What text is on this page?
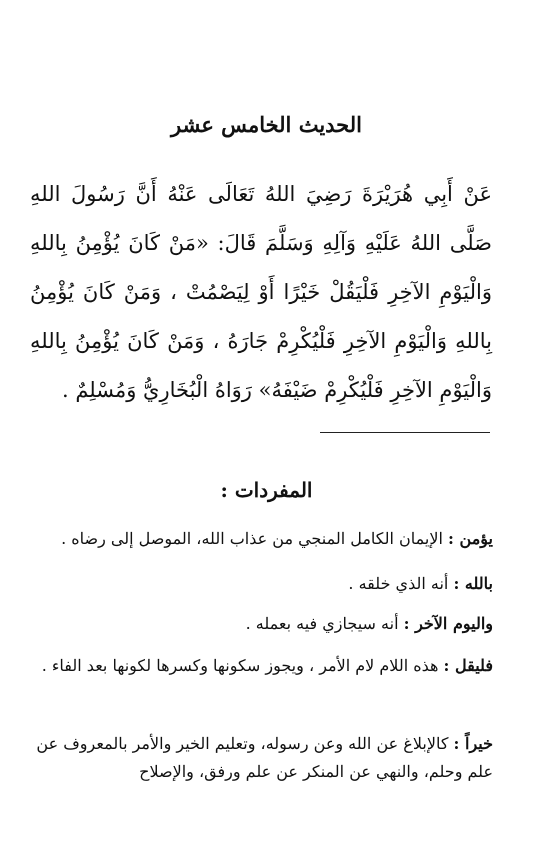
الحديث الخامس عشر
عَنْ أَبِي هُرَيْرَةَ رَضِيَ اللهُ تَعَالَى عَنْهُ أَنَّ رَسُولَ اللهِ صَلَّى اللهُ عَلَيْهِ وَآلِهِ وَسَلَّمَ قَالَ: «مَنْ كَانَ يُؤْمِنُ بِاللهِ وَالْيَوْمِ الآخِرِ فَلْيَقُلْ خَيْرًا أَوْ لِيَصْمُتْ ، وَمَنْ كَانَ يُؤْمِنُ بِاللهِ وَالْيَوْمِ الآخِرِ فَلْيُكْرِمْ جَارَهُ ، وَمَنْ كَانَ يُؤْمِنُ بِاللهِ وَالْيَوْمِ الآخِرِ فَلْيُكْرِمْ ضَيْفَهُ» رَوَاهُ الْبُخَارِيُّ وَمُسْلِمٌ .
المفردات :
يؤمن : الإيمان الكامل المنجي من عذاب الله، الموصل إلى رضاه .
بالله : أنه الذي خلقه .
واليوم الآخر : أنه سيجازي فيه بعمله .
فليقل : هذه اللام لام الأمر ، ويجوز سكونها وكسرها لكونها بعد الفاء .
خيراً : كالإبلاغ عن الله وعن رسوله، وتعليم الخير والأمر بالمعروف عن علم وحلم، والنهي عن المنكر عن علم ورفق، والإصلاح
